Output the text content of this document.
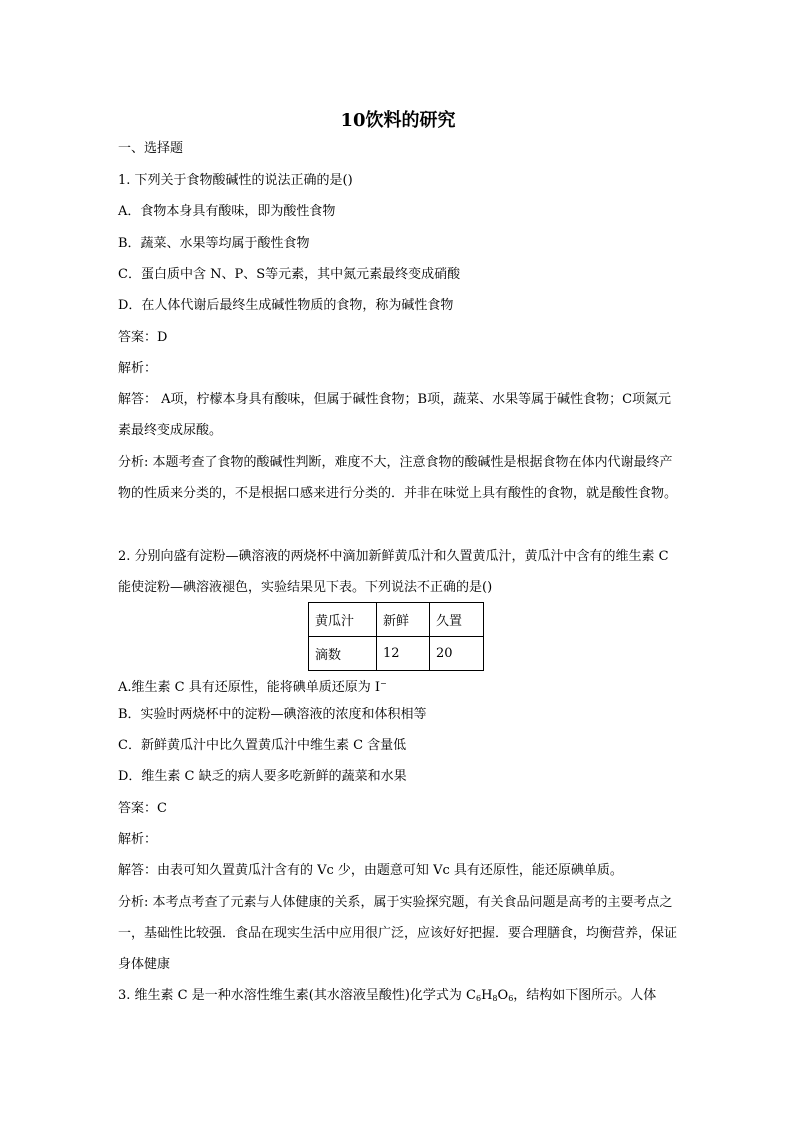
10饮料的研究
一、选择题
1. 下列关于食物酸碱性的说法正确的是()
A．食物本身具有酸味，即为酸性食物
B．蔬菜、水果等均属于酸性食物
C．蛋白质中含 N、P、S等元素，其中氮元素最终变成硝酸
D．在人体代谢后最终生成碱性物质的食物，称为碱性食物
答案：D
解析：
解答： A项，柠檬本身具有酸味，但属于碱性食物；B项，蔬菜、水果等属于碱性食物；C项氮元素最终变成尿酸。
分析: 本题考查了食物的酸碱性判断，难度不大，注意食物的酸碱性是根据食物在体内代谢最终产物的性质来分类的，不是根据口感来进行分类的．并非在味觉上具有酸性的食物，就是酸性食物。
2. 分别向盛有淀粉—碘溶液的两烧杯中滴加新鲜黄瓜汁和久置黄瓜汁，黄瓜汁中含有的维生素 C 能使淀粉—碘溶液褪色，实验结果见下表。下列说法不正确的是()
黄瓜汁	新鲜	久置
滴数	12	20
A.维生素 C 具有还原性，能将碘单质还原为 I−
B．实验时两烧杯中的淀粉—碘溶液的浓度和体积相等
C．新鲜黄瓜汁中比久置黄瓜汁中维生素 C 含量低
D．维生素 C 缺乏的病人要多吃新鲜的蔬菜和水果
答案：C
解析：
解答：由表可知久置黄瓜汁含有的 Vc 少，由题意可知 Vc 具有还原性，能还原碘单质。
分析: 本考点考查了元素与人体健康的关系，属于实验探究题，有关食品问题是高考的主要考点之一，基础性比较强．食品在现实生活中应用很广泛，应该好好把握．要合理膳食，均衡营养，保证身体健康
3. 维生素 C 是一种水溶性维生素(其水溶液呈酸性)化学式为 $C_6H_8O_6$，结构如下图所示。人体
